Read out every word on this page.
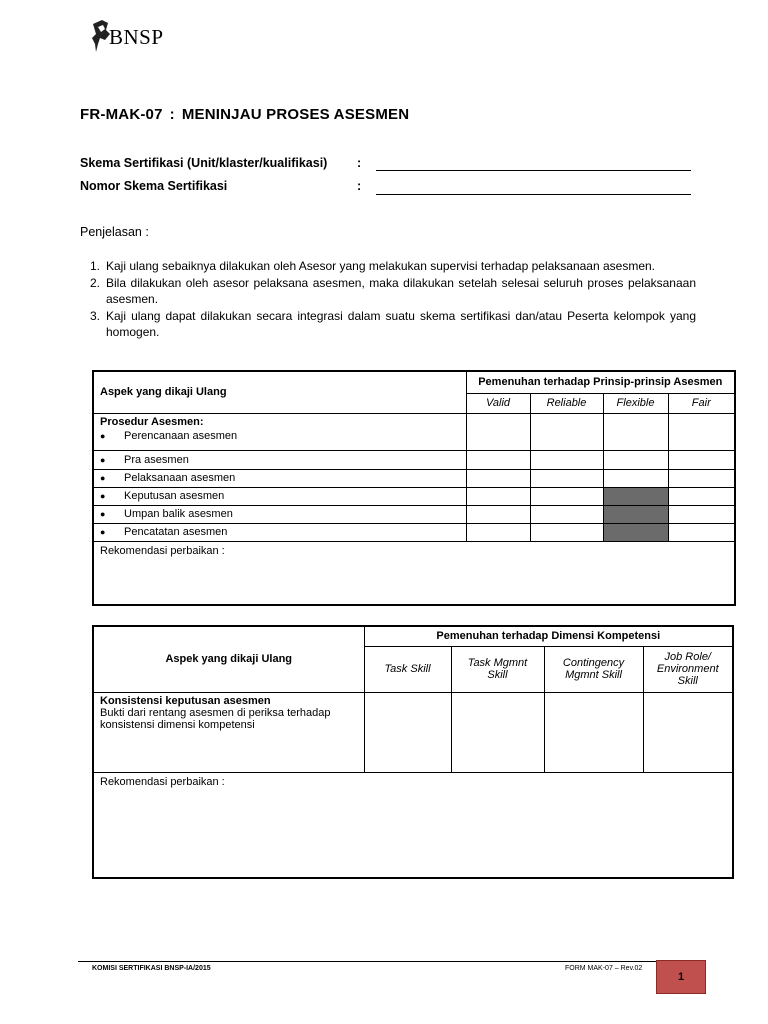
BNSP
FR-MAK-07 : MENINJAU PROSES ASESMEN
Skema Sertifikasi (Unit/klaster/kualifikasi) :
Nomor Skema Sertifikasi	:
Penjelasan :
1. Kaji ulang sebaiknya dilakukan oleh Asesor yang melakukan supervisi terhadap pelaksanaan asesmen.
2. Bila dilakukan oleh asesor pelaksana asesmen, maka dilakukan setelah selesai seluruh proses pelaksanaan asesmen.
3. Kaji ulang dapat dilakukan secara integrasi dalam suatu skema sertifikasi dan/atau Peserta kelompok yang homogen.
Aspek yang dikaji Ulang	Pemenuhan terhadap Prinsip-prinsip Asesmen			
	Valid	Reliable	Flexible	Fair

Prosedur Asesmen:
● Perencanaan asesmen				

● Pra asesmen				

● Pelaksanaan asesmen				

● Keputusan asesmen				

● Umpan balik asesmen				

● Pencatatan asesmen				

Rekomendasi perbaikan :				
Aspek yang dikaji Ulang	Pemenuhan terhadap Dimensi Kompetensi			
	Task Skill	Task Mgmnt Skill	Contingency Mgmnt Skill	Job Role/ Environment Skill

Konsistensi keputusan asesmen
Bukti dari rentang asesmen di periksa terhadap konsistensi dimensi kompetensi				

Rekomendasi perbaikan :				
KOMISI SERTIFIKASI BNSP-IA/2015	FORM MAK-07 – Rev.02
1
